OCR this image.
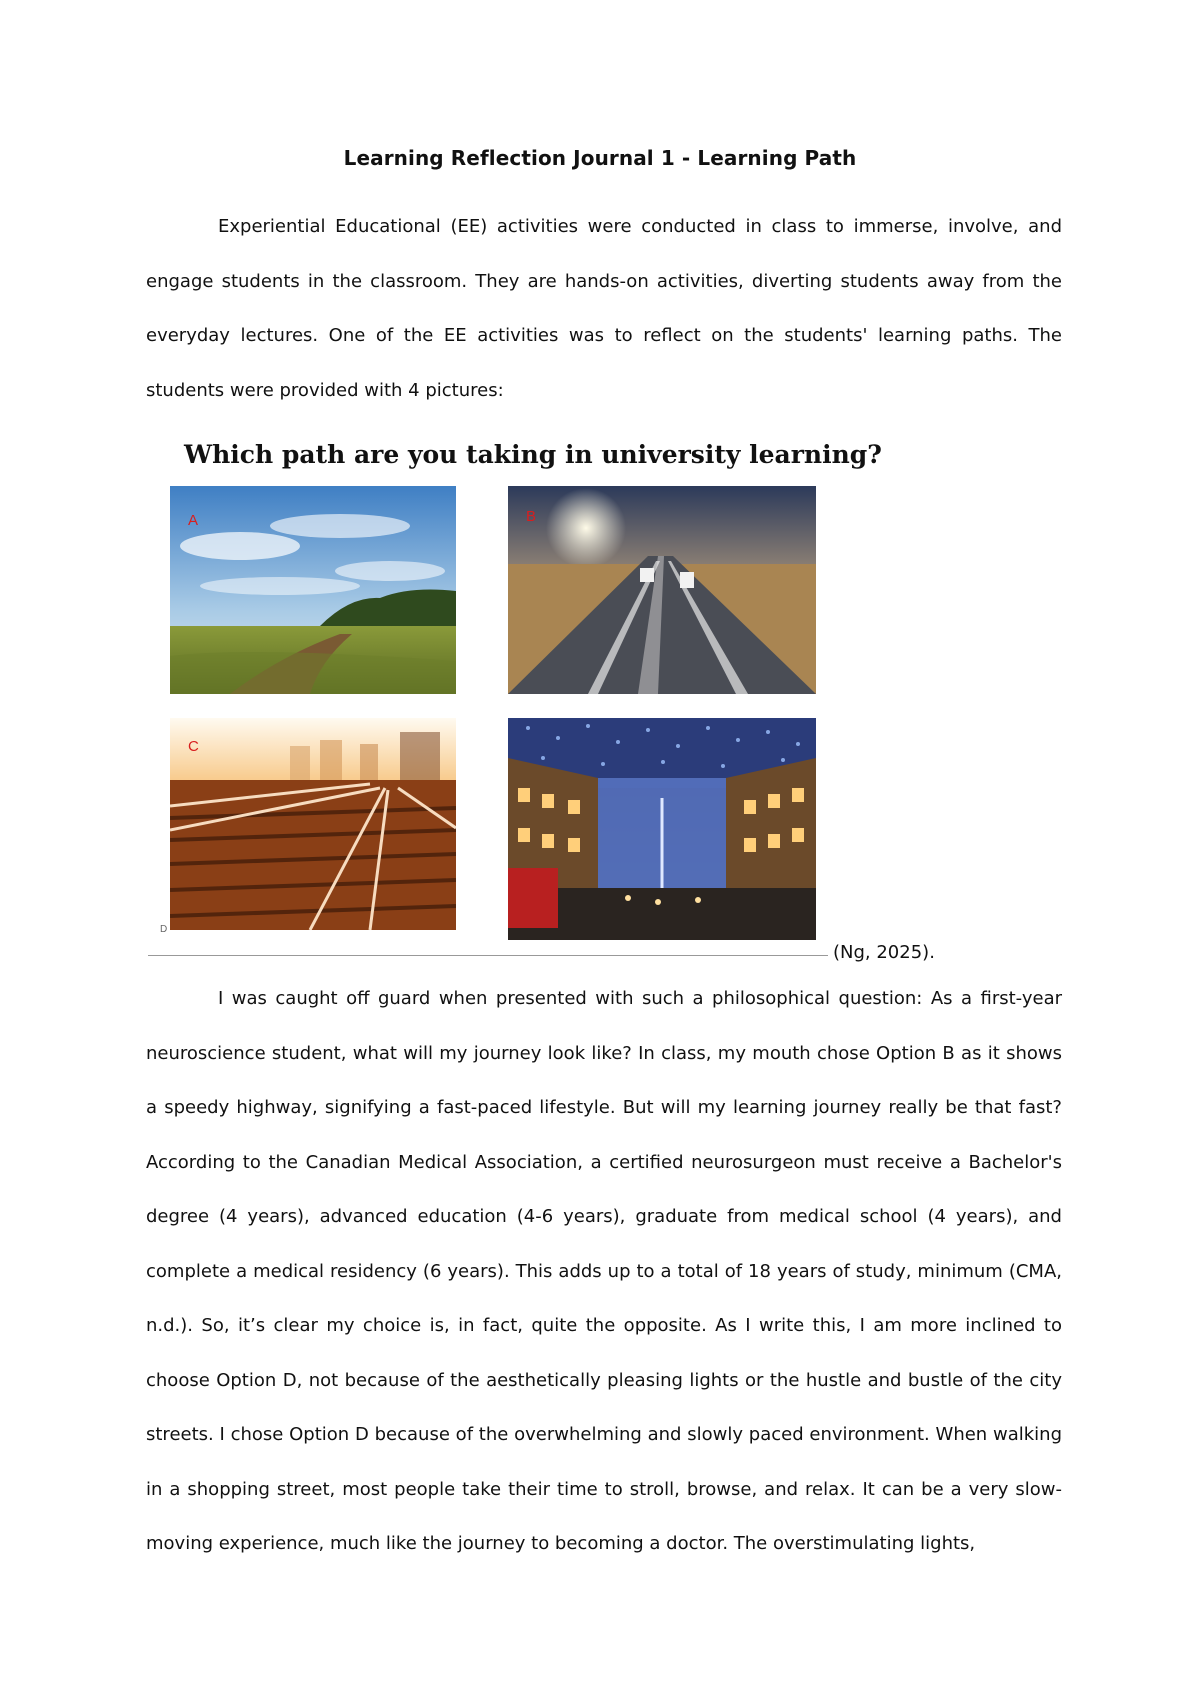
Learning Reflection Journal 1 - Learning Path

Experiential Educational (EE) activities were conducted in class to immerse, involve, and engage students in the classroom. They are hands-on activities, diverting students away from the everyday lectures. One of the EE activities was to reflect on the students' learning paths. The students were provided with 4 pictures:

Which path are you taking in university learning?
A	B
C
D
(Ng, 2025).

I was caught off guard when presented with such a philosophical question: As a first-year neuroscience student, what will my journey look like? In class, my mouth chose Option B as it shows a speedy highway, signifying a fast-paced lifestyle. But will my learning journey really be that fast? According to the Canadian Medical Association, a certified neurosurgeon must receive a Bachelor's degree (4 years), advanced education (4-6 years), graduate from medical school (4 years), and complete a medical residency (6 years). This adds up to a total of 18 years of study, minimum (CMA, n.d.). So, it’s clear my choice is, in fact, quite the opposite. As I write this, I am more inclined to choose Option D, not because of the aesthetically pleasing lights or the hustle and bustle of the city streets. I chose Option D because of the overwhelming and slowly paced environment. When walking in a shopping street, most people take their time to stroll, browse, and relax. It can be a very slow-moving experience, much like the journey to becoming a doctor. The overstimulating lights,
